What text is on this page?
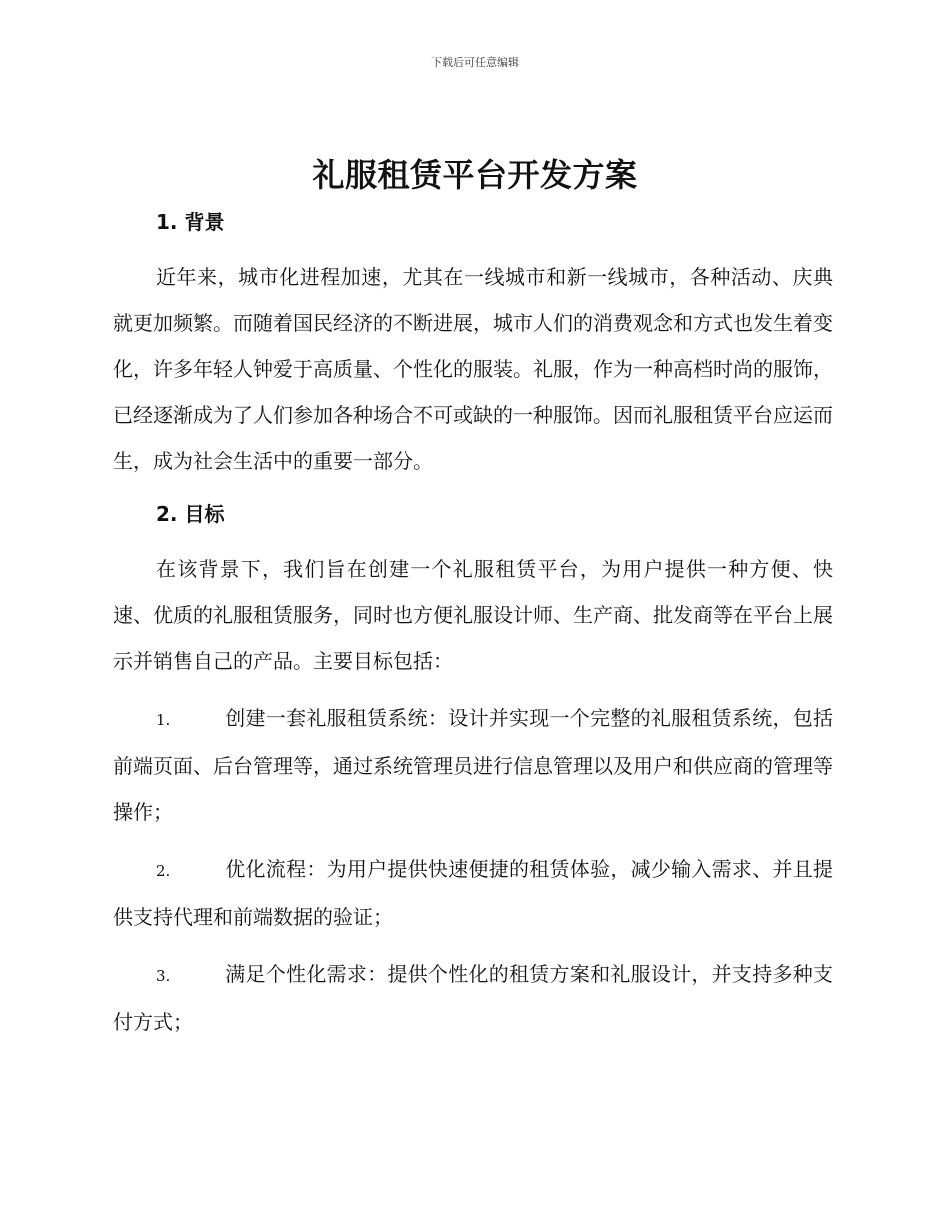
下载后可任意编辑
礼服租赁平台开发方案
1. 背景

近年来，城市化进程加速，尤其在一线城市和新一线城市，各种活动、庆典就更加频繁。而随着国民经济的不断进展，城市人们的消费观念和方式也发生着变化，许多年轻人钟爱于高质量、个性化的服装。礼服，作为一种高档时尚的服饰，已经逐渐成为了人们参加各种场合不可或缺的一种服饰。因而礼服租赁平台应运而生，成为社会生活中的重要一部分。

2. 目标

在该背景下，我们旨在创建一个礼服租赁平台，为用户提供一种方便、快速、优质的礼服租赁服务，同时也方便礼服设计师、生产商、批发商等在平台上展示并销售自己的产品。主要目标包括：

1.	创建一套礼服租赁系统：设计并实现一个完整的礼服租赁系统，包括前端页面、后台管理等，通过系统管理员进行信息管理以及用户和供应商的管理等操作；

2.	优化流程：为用户提供快速便捷的租赁体验，减少输入需求、并且提供支持代理和前端数据的验证；

3.	满足个性化需求：提供个性化的租赁方案和礼服设计，并支持多种支付方式；
